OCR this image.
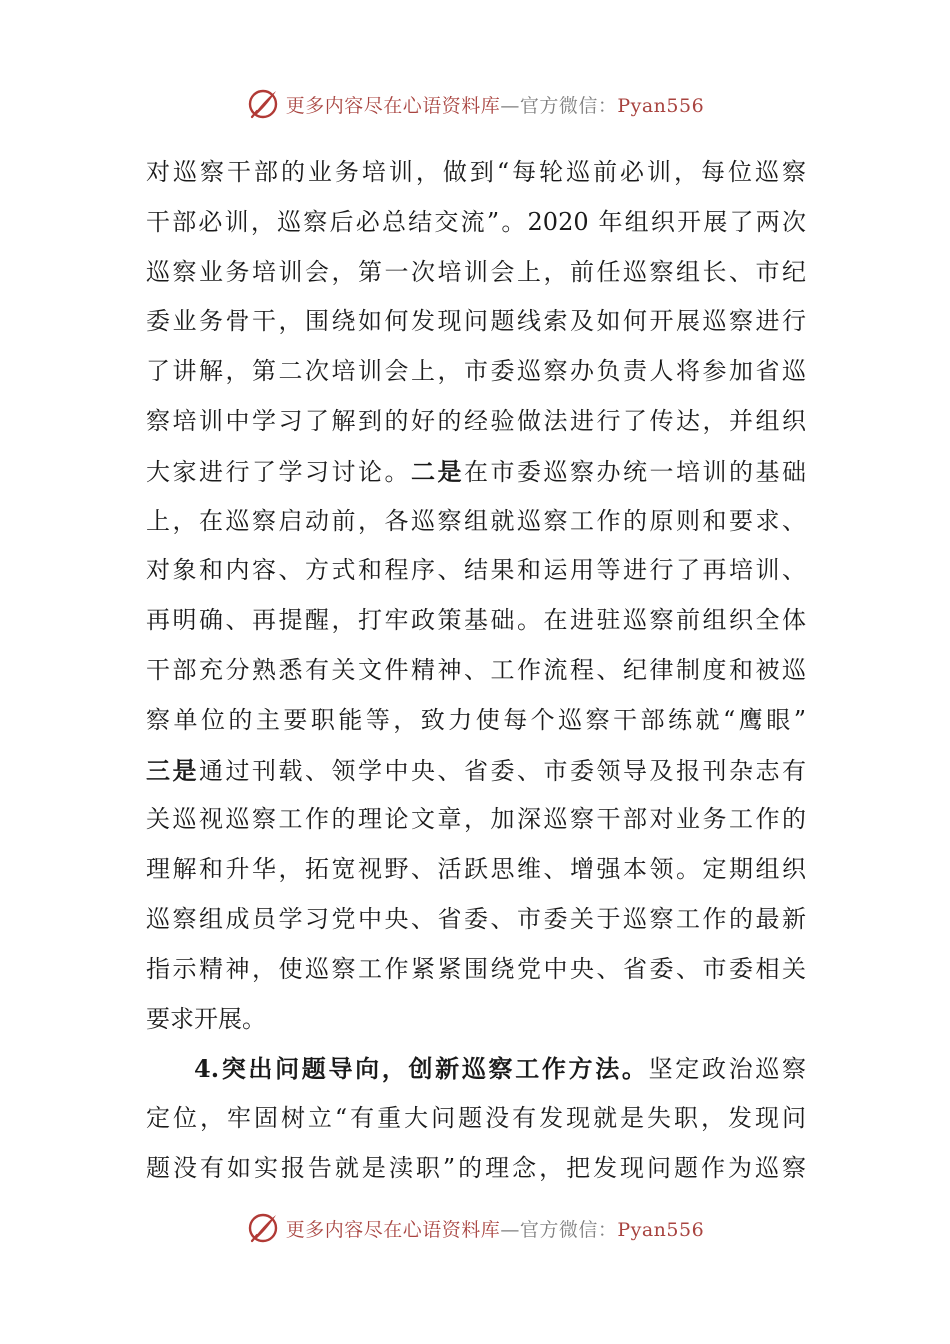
更多内容尽在心语资料库—官方微信：Pyan556
对巡察干部的业务培训，做到“每轮巡前必训，每位巡察
干部必训，巡察后必总结交流”。2020 年组织开展了两次
巡察业务培训会，第一次培训会上，前任巡察组长、市纪
委业务骨干，围绕如何发现问题线索及如何开展巡察进行
了讲解，第二次培训会上，市委巡察办负责人将参加省巡
察培训中学习了解到的好的经验做法进行了传达，并组织
大家进行了学习讨论。二是在市委巡察办统一培训的基础
上，在巡察启动前，各巡察组就巡察工作的原则和要求、
对象和内容、方式和程序、结果和运用等进行了再培训、
再明确、再提醒，打牢政策基础。在进驻巡察前组织全体
干部充分熟悉有关文件精神、工作流程、纪律制度和被巡
察单位的主要职能等，致力使每个巡察干部练就“鹰眼”
三是通过刊载、领学中央、省委、市委领导及报刊杂志有
关巡视巡察工作的理论文章，加深巡察干部对业务工作的
理解和升华，拓宽视野、活跃思维、增强本领。定期组织
巡察组成员学习党中央、省委、市委关于巡察工作的最新
指示精神，使巡察工作紧紧围绕党中央、省委、市委相关
要求开展。
4.突出问题导向，创新巡察工作方法。坚定政治巡察
定位，牢固树立“有重大问题没有发现就是失职，发现问
题没有如实报告就是渎职”的理念，把发现问题作为巡察
更多内容尽在心语资料库—官方微信：Pyan556
